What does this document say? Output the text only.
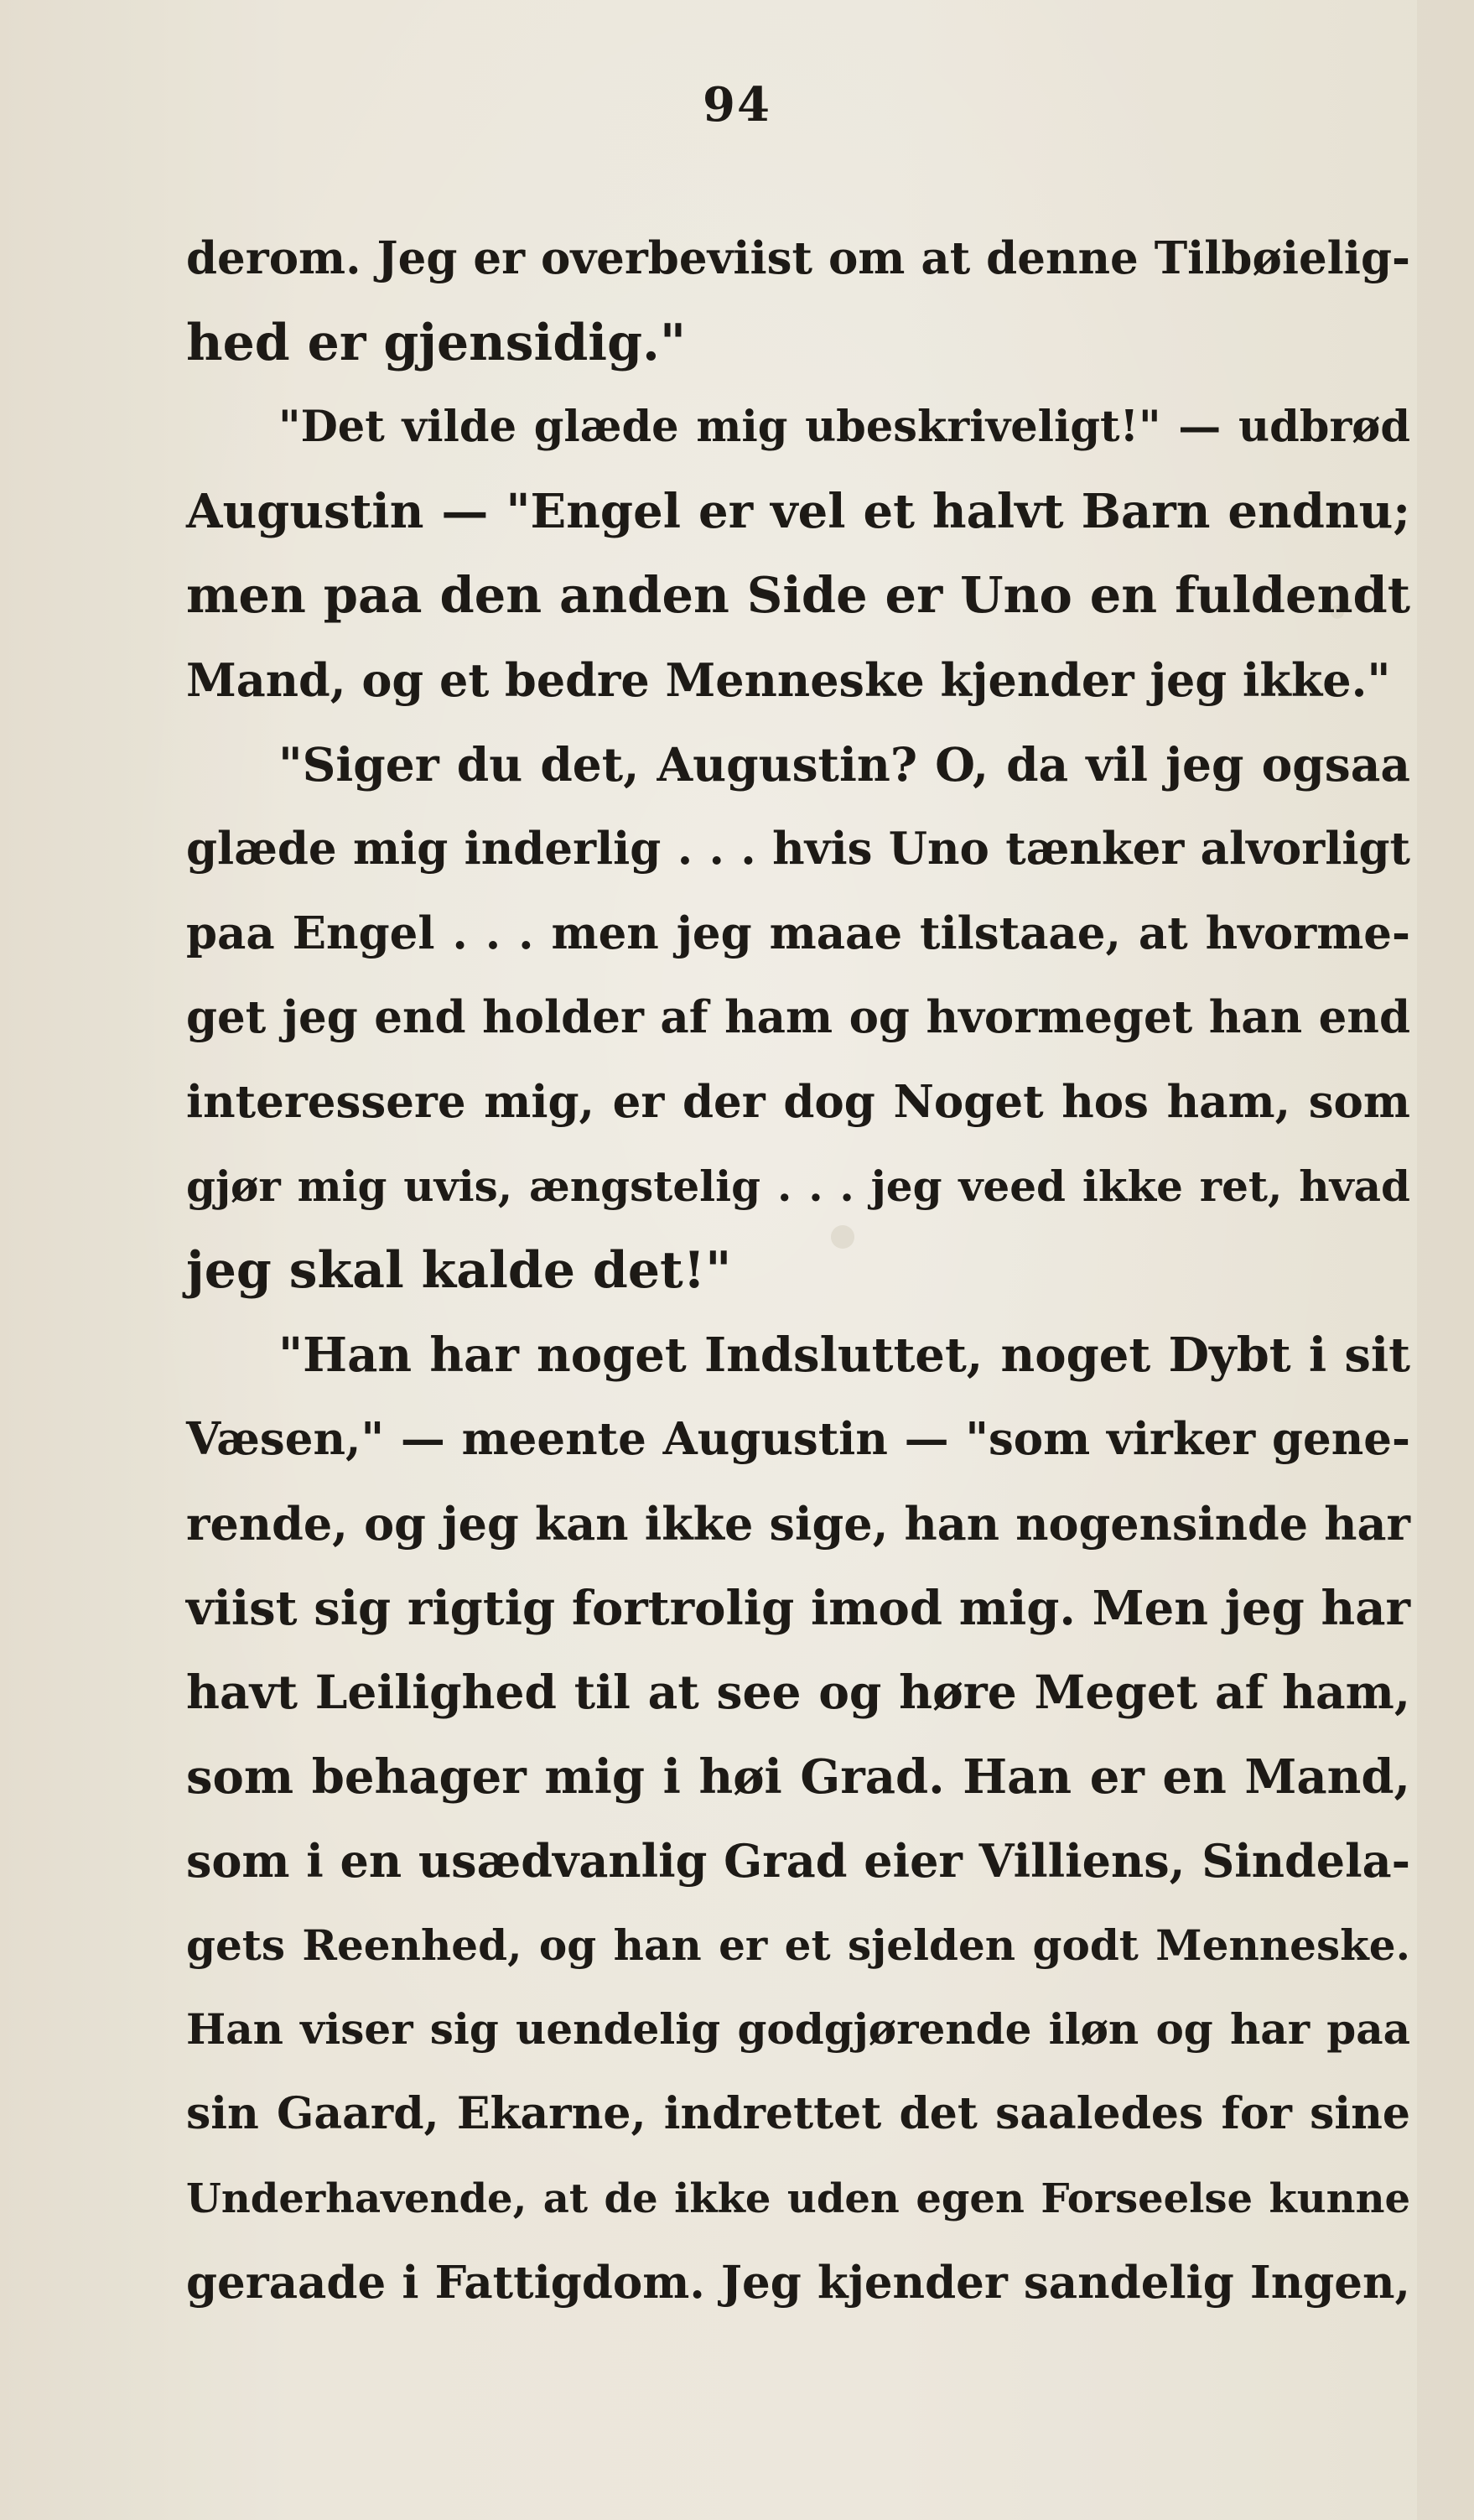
94
derom. Jeg er overbeviist om at denne Tilbøielig-
hed er gjensidig."
"Det vilde glæde mig ubeskriveligt!" — udbrød
Augustin — "Engel er vel et halvt Barn endnu;
men paa den anden Side er Uno en fuldendt
Mand, og et bedre Menneske kjender jeg ikke."
"Siger du det, Augustin? O, da vil jeg ogsaa
glæde mig inderlig . . . hvis Uno tænker alvorligt
paa Engel . . . men jeg maae tilstaae, at hvorme-
get jeg end holder af ham og hvormeget han end
interessere mig, er der dog Noget hos ham, som
gjør mig uvis, ængstelig . . . jeg veed ikke ret, hvad
jeg skal kalde det!"
"Han har noget Indsluttet, noget Dybt i sit
Væsen," — meente Augustin — "som virker gene-
rende, og jeg kan ikke sige, han nogensinde har
viist sig rigtig fortrolig imod mig. Men jeg har
havt Leilighed til at see og høre Meget af ham,
som behager mig i høi Grad. Han er en Mand,
som i en usædvanlig Grad eier Villiens, Sindela-
gets Reenhed, og han er et sjelden godt Menneske.
Han viser sig uendelig godgjørende iløn og har paa
sin Gaard, Ekarne, indrettet det saaledes for sine
Underhavende, at de ikke uden egen Forseelse kunne
geraade i Fattigdom. Jeg kjender sandelig Ingen,
